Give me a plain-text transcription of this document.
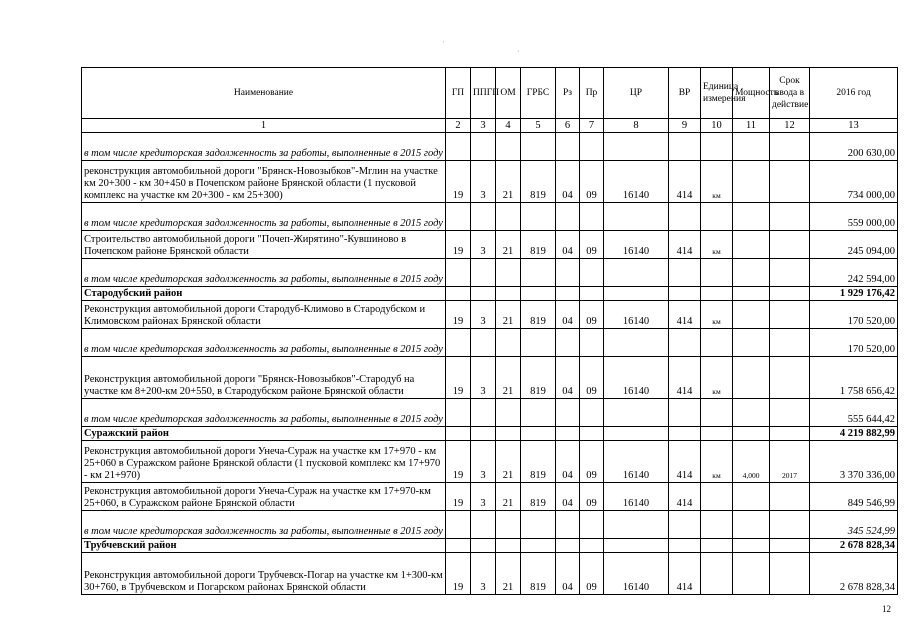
·
·
Наименование	ГП	ППГП	ОМ	ГРБС	Рз	Пр	ЦР	ВР	Единица измерения	Мощность	Срок ввода в действие	2016 год
1	2	3	4	5	6	7	8	9	10	11	12	13
в том числе кредиторская задолженность за работы, выполненные в 2015 году												200 630,00
реконструкция автомобильной дороги "Брянск-Новозыбков"-Мглин на участке км 20+300 - км 30+450 в Почепском районе Брянской области (1 пусковой комплекс на участке км 20+300 - км 25+300)	19	3	21	819	04	09	16140	414	км			734 000,00
в том числе кредиторская задолженность за работы, выполненные в 2015 году												559 000,00
Строительство автомобильной дороги "Почеп-Жирятино"-Кувшиново в Почепском районе Брянской области	19	3	21	819	04	09	16140	414	км			245 094,00
в том числе кредиторская задолженность за работы, выполненные в 2015 году												242 594,00
Стародубский район												1 929 176,42
Реконструкция автомобильной дороги Стародуб-Климово в Стародубском и Климовском районах Брянской области	19	3	21	819	04	09	16140	414	км			170 520,00
в том числе кредиторская задолженность за работы, выполненные в 2015 году												170 520,00
Реконструкция автомобильной дороги "Брянск-Новозыбков"-Стародуб на участке км 8+200-км 20+550, в Стародубском районе Брянской области	19	3	21	819	04	09	16140	414	км			1 758 656,42
в том числе кредиторская задолженность за работы, выполненные в 2015 году												555 644,42
Суражский район												4 219 882,99
Реконструкция автомобильной дороги Унеча-Сураж на участке км 17+970 - км 25+060 в Суражском районе Брянской области (1 пусковой комплекс км 17+970 - км 21+970)	19	3	21	819	04	09	16140	414	км	4,000	2017	3 370 336,00
Реконструкция автомобильной дороги Унеча-Сураж на участке км 17+970-км 25+060, в Суражском районе Брянской области	19	3	21	819	04	09	16140	414				849 546,99
в том числе кредиторская задолженность за работы, выполненные в 2015 году												345 524,99
Трубчевский район												2 678 828,34
Реконструкция автомобильной дороги Трубчевск-Погар на участке км 1+300-км 30+760, в Трубчевском и Погарском районах Брянской области	19	3	21	819	04	09	16140	414				2 678 828,34
12
